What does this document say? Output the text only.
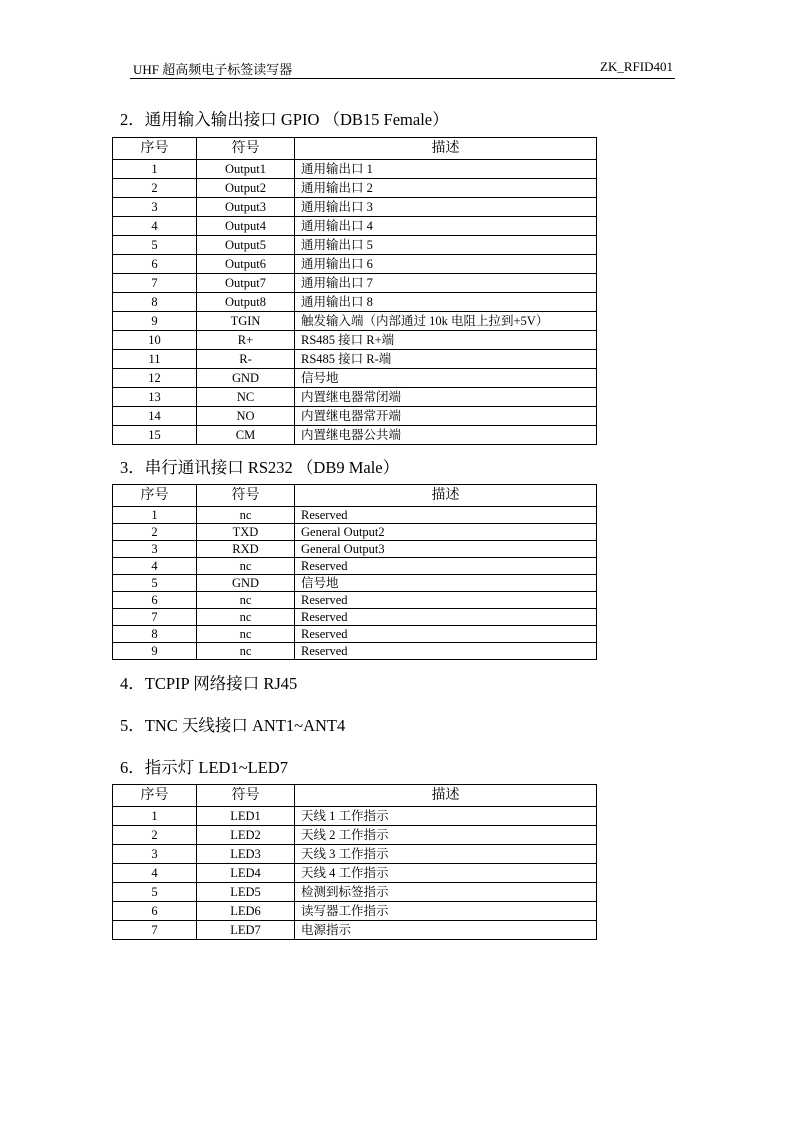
UHF 超高频电子标签读写器	ZK_RFID401
2．通用输入输出接口 GPIO （DB15 Female）
序号	符号	描述
1	Output1	通用输出口 1
2	Output2	通用输出口 2
3	Output3	通用输出口 3
4	Output4	通用输出口 4
5	Output5	通用输出口 5
6	Output6	通用输出口 6
7	Output7	通用输出口 7
8	Output8	通用输出口 8
9	TGIN	触发输入端（内部通过 10k 电阻上拉到+5V）
10	R+	RS485 接口 R+端
11	R-	RS485 接口 R-端
12	GND	信号地
13	NC	内置继电器常闭端
14	NO	内置继电器常开端
15	CM	内置继电器公共端
3．串行通讯接口 RS232 （DB9 Male）
序号	符号	描述
1	nc	Reserved
2	TXD	General Output2
3	RXD	General Output3
4	nc	Reserved
5	GND	信号地
6	nc	Reserved
7	nc	Reserved
8	nc	Reserved
9	nc	Reserved
4．TCPIP 网络接口 RJ45
5．TNC 天线接口 ANT1~ANT4
6．指示灯 LED1~LED7
序号	符号	描述
1	LED1	天线 1 工作指示
2	LED2	天线 2 工作指示
3	LED3	天线 3 工作指示
4	LED4	天线 4 工作指示
5	LED5	检测到标签指示
6	LED6	读写器工作指示
7	LED7	电源指示
